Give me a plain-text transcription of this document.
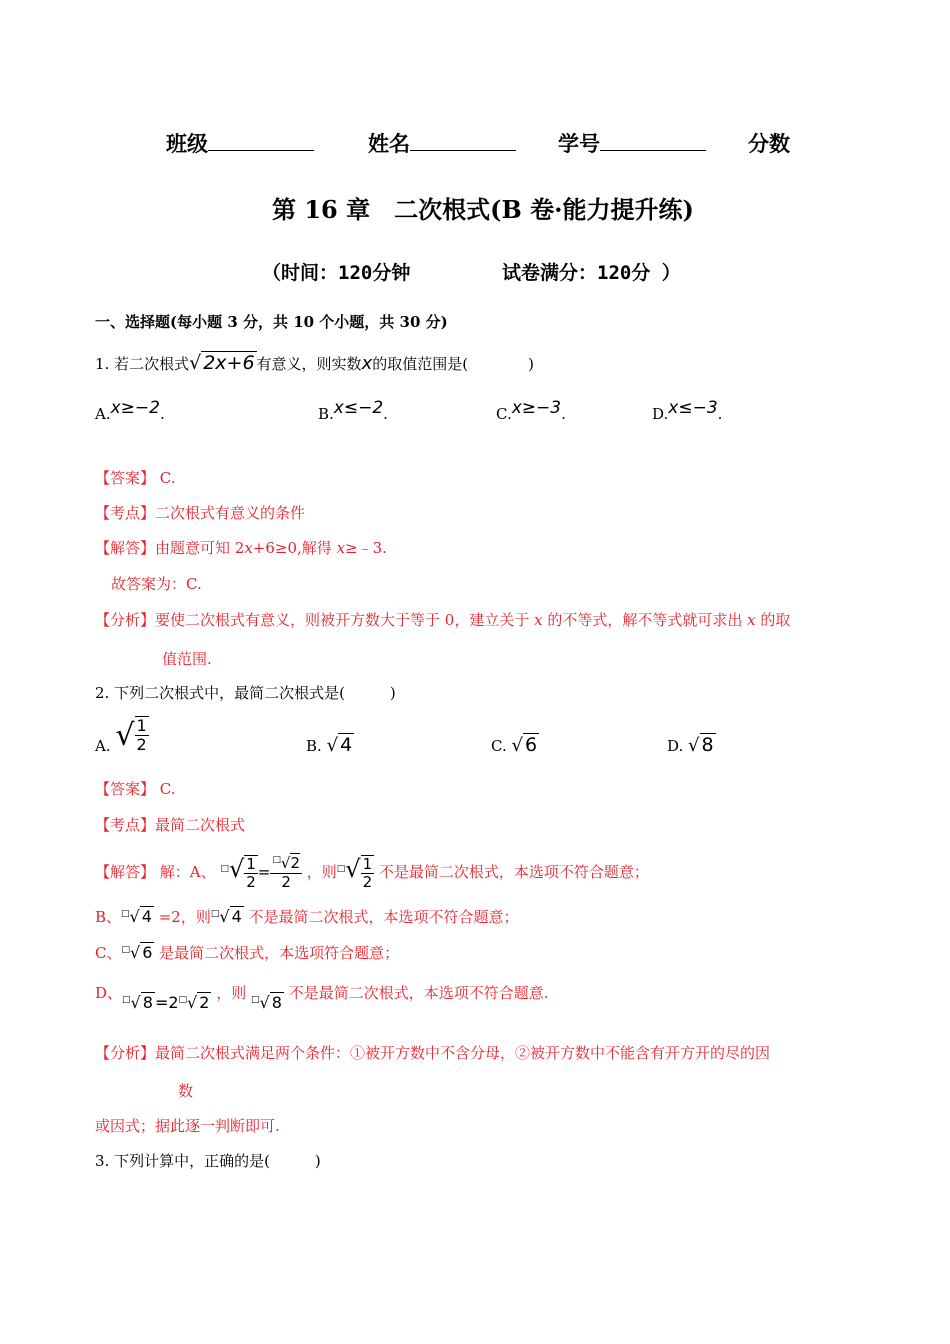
班级	姓名	学号	分数
第 16 章　二次根式(B 卷·能力提升练)
（时间：120分钟	试卷满分：120分 ）
一、选择题(每小题 3 分，共 10 个小题，共 30 分)
1. 若二次根式√ 2x+6 有意义，则实数x的取值范围是(　　　　)
A.x≥−2.	B.x≤−2.	C.x≥−3.	D.x≤−3.
【答案】 C.
【考点】二次根式有意义的条件
【解答】由题意可知 2x+6≥0,解得 x≥﹣3.
故答案为：C.
【分析】要使二次根式有意义，则被开方数大于等于 0，建立关于 x 的不等式，解不等式就可求出 x 的取
值范围.
2. 下列二次根式中，最简二次根式是(　　　)
A. √ $\frac{1}{2}$	B. √ 4	C. √ 6	D. √ 8
【答案】 C.
【考点】最简二次根式
【解答】 解：A、 $^□√ \frac{1}{2} = \frac{^□√2}{2}$ ，则$^□√ \frac{1}{2}$ 不是最简二次根式，本选项不符合题意；
B、□√ 4 =2，则□√ 4 不是最简二次根式，本选项不符合题意；
C、□√ 6 是最简二次根式，本选项符合题意；
D、□√ 8 =2□√ 2 ，则 □√ 8 不是最简二次根式，本选项不符合题意.
【分析】最简二次根式满足两个条件：①被开方数中不含分母，②被开方数中不能含有开方开的尽的因
数
或因式；据此逐一判断即可.
3. 下列计算中，正确的是(　　　)
